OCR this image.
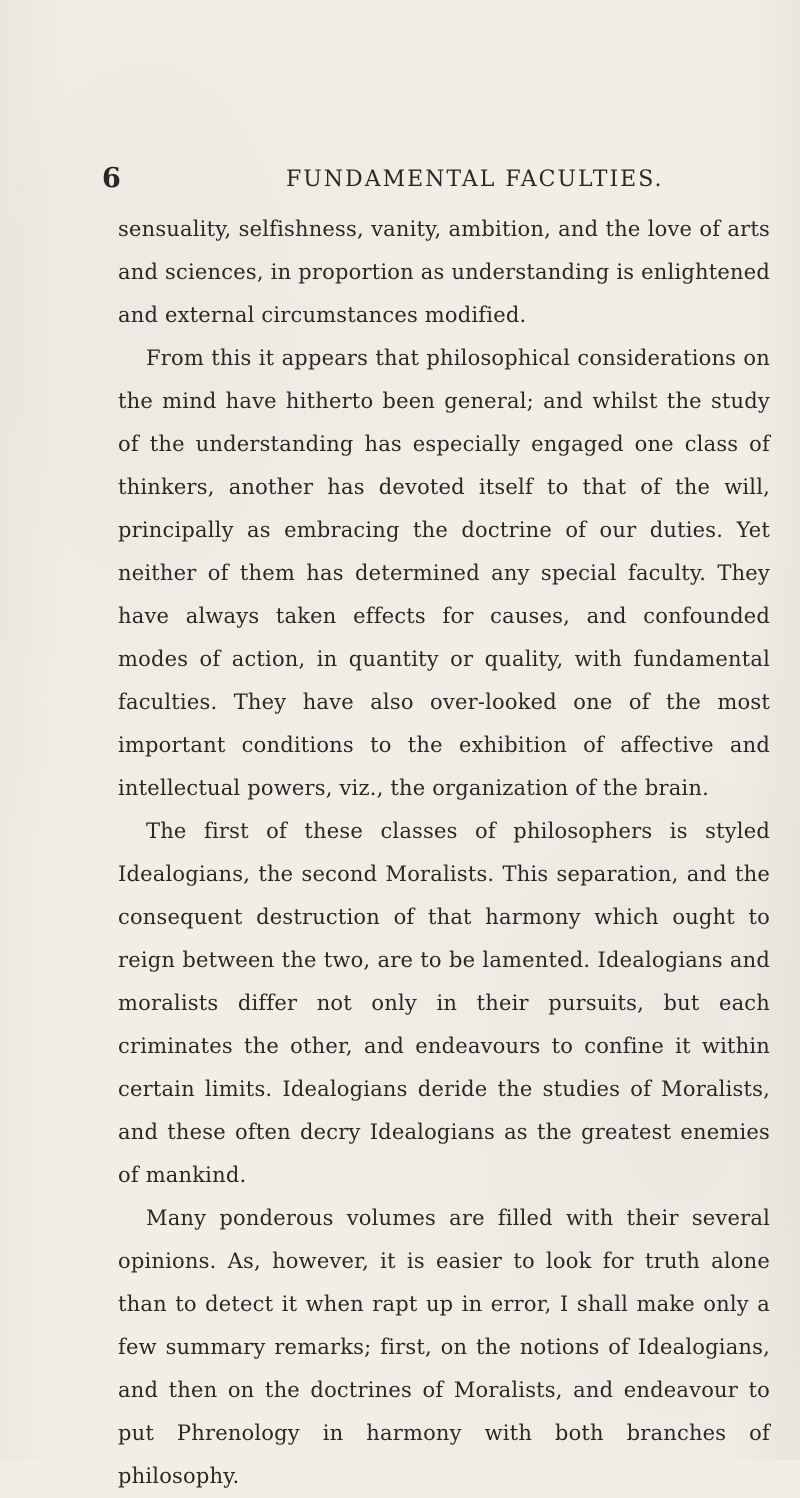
6	FUNDAMENTAL FACULTIES.

sensuality, selfishness, vanity, ambition, and the love of arts and sciences, in proportion as understanding is enlightened and external circumstances modified.

From this it appears that philosophical considerations on the mind have hitherto been general; and whilst the study of the understanding has especially engaged one class of thinkers, another has devoted itself to that of the will, principally as embracing the doctrine of our duties. Yet neither of them has determined any special faculty. They have always taken effects for causes, and confounded modes of action, in quantity or quality, with fundamental faculties. They have also over-looked one of the most important conditions to the exhibition of affective and intellectual powers, viz., the organization of the brain.

The first of these classes of philosophers is styled Idealogians, the second Moralists. This separation, and the consequent destruction of that harmony which ought to reign between the two, are to be lamented. Idealogians and moralists differ not only in their pursuits, but each criminates the other, and endeavours to confine it within certain limits. Idealogians deride the studies of Moralists, and these often decry Idealogians as the greatest enemies of mankind.

Many ponderous volumes are filled with their several opinions. As, however, it is easier to look for truth alone than to detect it when rapt up in error, I shall make only a few summary remarks; first, on the notions of Idealogians, and then on the doctrines of Moralists, and endeavour to put Phrenology in harmony with both branches of philosophy.
